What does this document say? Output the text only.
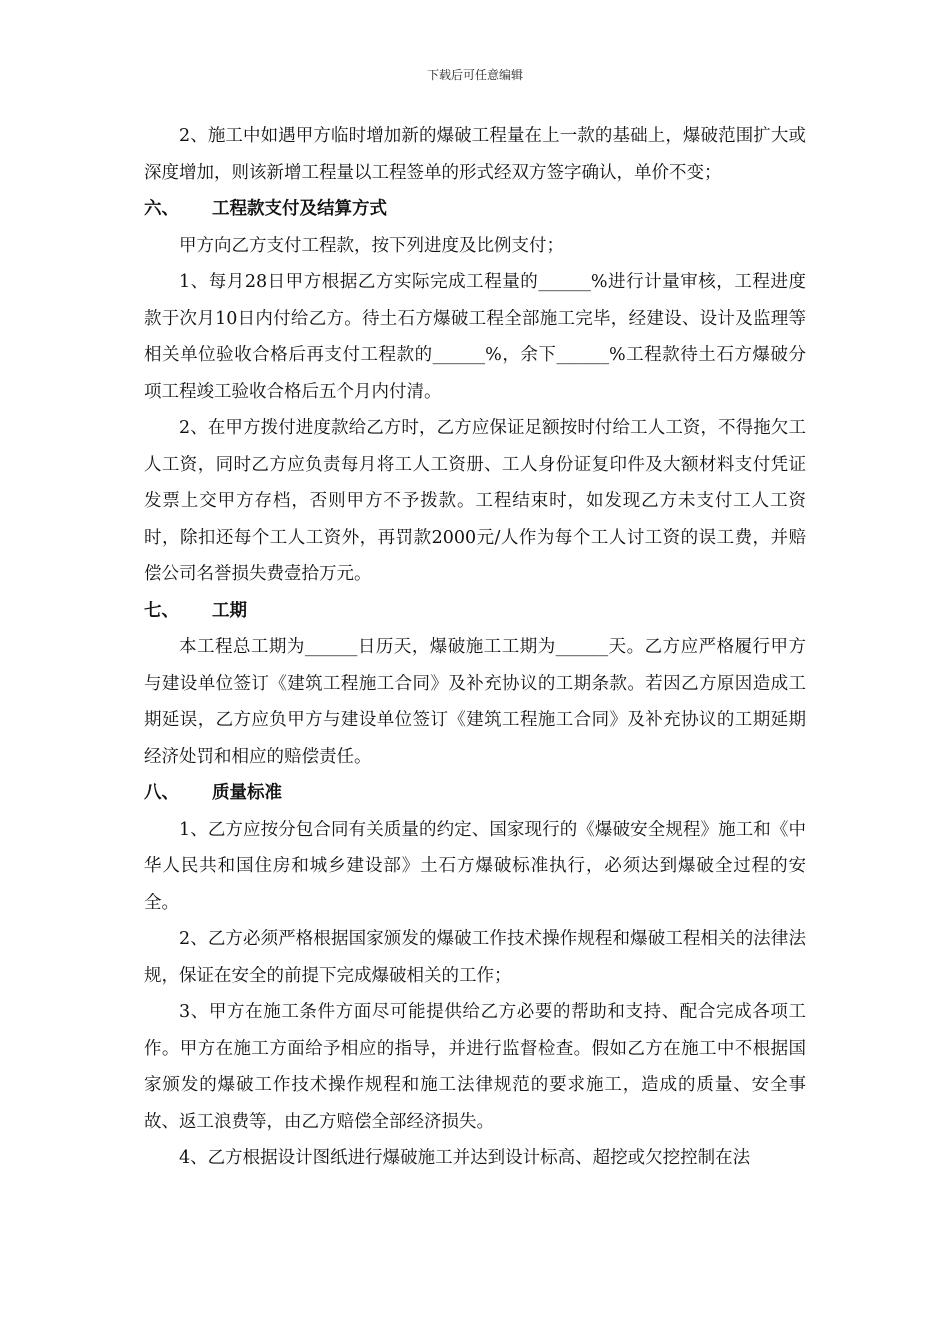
下载后可任意编辑

2、施工中如遇甲方临时增加新的爆破工程量在上一款的基础上，爆破范围扩大或深度增加，则该新增工程量以工程签单的形式经双方签字确认，单价不变；

六、 工程款支付及结算方式

甲方向乙方支付工程款，按下列进度及比例支付；

1、每月28日甲方根据乙方实际完成工程量的______%进行计量审核，工程进度款于次月10日内付给乙方。待土石方爆破工程全部施工完毕，经建设、设计及监理等相关单位验收合格后再支付工程款的______%，余下______%工程款待土石方爆破分项工程竣工验收合格后五个月内付清。

2、在甲方拨付进度款给乙方时，乙方应保证足额按时付给工人工资，不得拖欠工人工资，同时乙方应负责每月将工人工资册、工人身份证复印件及大额材料支付凭证发票上交甲方存档，否则甲方不予拨款。工程结束时，如发现乙方未支付工人工资时，除扣还每个工人工资外，再罚款2000元/人作为每个工人讨工资的误工费，并赔偿公司名誉损失费壹拾万元。

七、 工期

本工程总工期为______日历天，爆破施工工期为______天。乙方应严格履行甲方与建设单位签订《建筑工程施工合同》及补充协议的工期条款。若因乙方原因造成工期延误，乙方应负甲方与建设单位签订《建筑工程施工合同》及补充协议的工期延期经济处罚和相应的赔偿责任。

八、 质量标准

1、乙方应按分包合同有关质量的约定、国家现行的《爆破安全规程》施工和《中华人民共和国住房和城乡建设部》土石方爆破标准执行，必须达到爆破全过程的安全。

2、乙方必须严格根据国家颁发的爆破工作技术操作规程和爆破工程相关的法律法规，保证在安全的前提下完成爆破相关的工作；

3、甲方在施工条件方面尽可能提供给乙方必要的帮助和支持、配合完成各项工作。甲方在施工方面给予相应的指导，并进行监督检查。假如乙方在施工中不根据国家颁发的爆破工作技术操作规程和施工法律规范的要求施工，造成的质量、安全事故、返工浪费等，由乙方赔偿全部经济损失。

4、乙方根据设计图纸进行爆破施工并达到设计标高、超挖或欠挖控制在法
